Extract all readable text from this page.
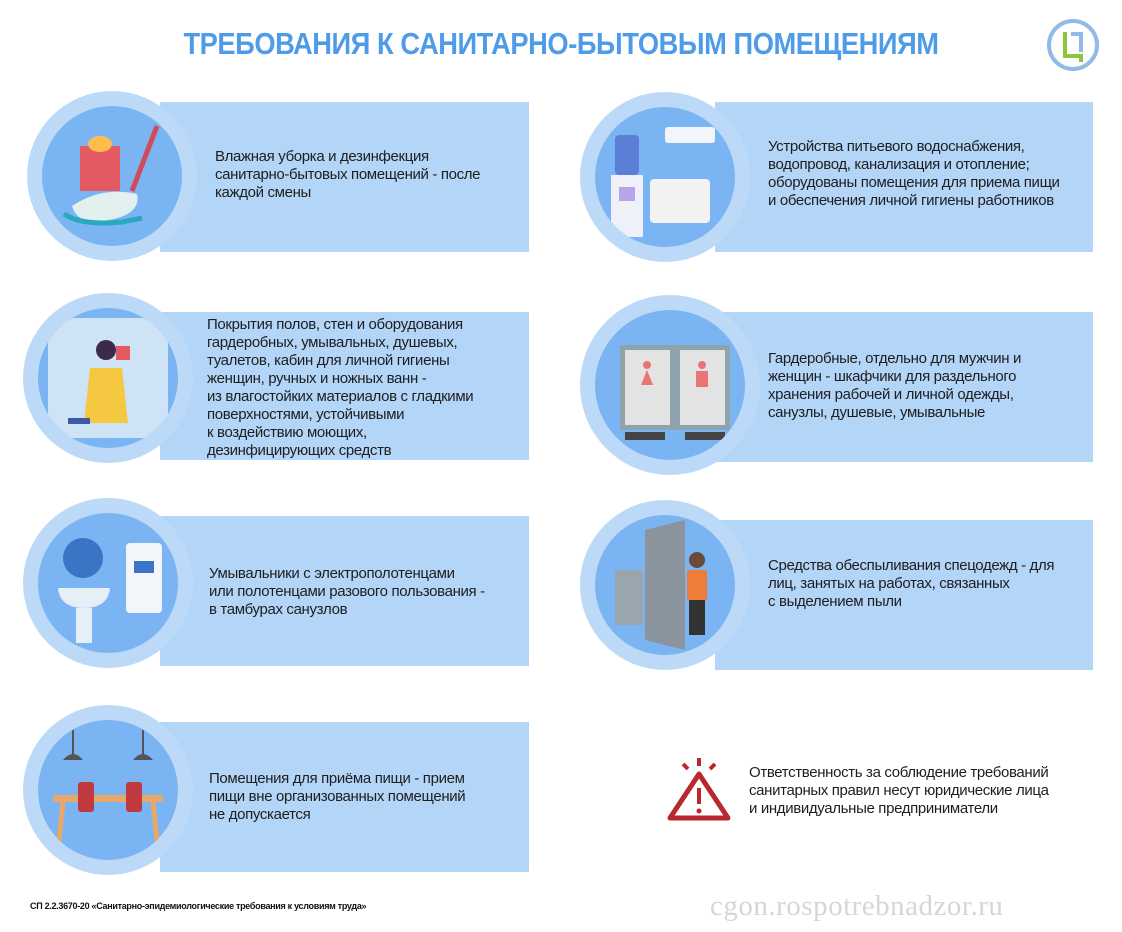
ТРЕБОВАНИЯ К САНИТАРНО-БЫТОВЫМ ПОМЕЩЕНИЯМ
Влажная уборка и дезинфекция
санитарно-бытовых помещений - после
каждой смены
Покрытия полов, стен и оборудования
гардеробных, умывальных, душевых,
туалетов, кабин для личной гигиены
женщин, ручных и ножных ванн -
из влагостойких материалов с гладкими
поверхностями, устойчивыми
к воздействию моющих,
дезинфицирующих средств
Умывальники с электрополотенцами
или полотенцами разового пользования -
в тамбурах санузлов
Помещения для приёма пищи - прием
пищи вне организованных помещений
не допускается
Устройства питьевого водоснабжения,
водопровод, канализация и отопление;
оборудованы помещения для приема пищи
и обеспечения личной гигиены работников
Гардеробные, отдельно для мужчин и
женщин - шкафчики для раздельного
хранения рабочей и личной одежды,
санузлы, душевые, умывальные
Средства обеспыливания спецодежд - для
лиц, занятых на работах, связанных
с выделением пыли
Ответственность за соблюдение требований
санитарных правил несут юридические лица
и индивидуальные предприниматели
СП 2.2.3670-20 «Санитарно-эпидемиологические требования к условиям труда»	cgon.rospotrebnadzor.ru
